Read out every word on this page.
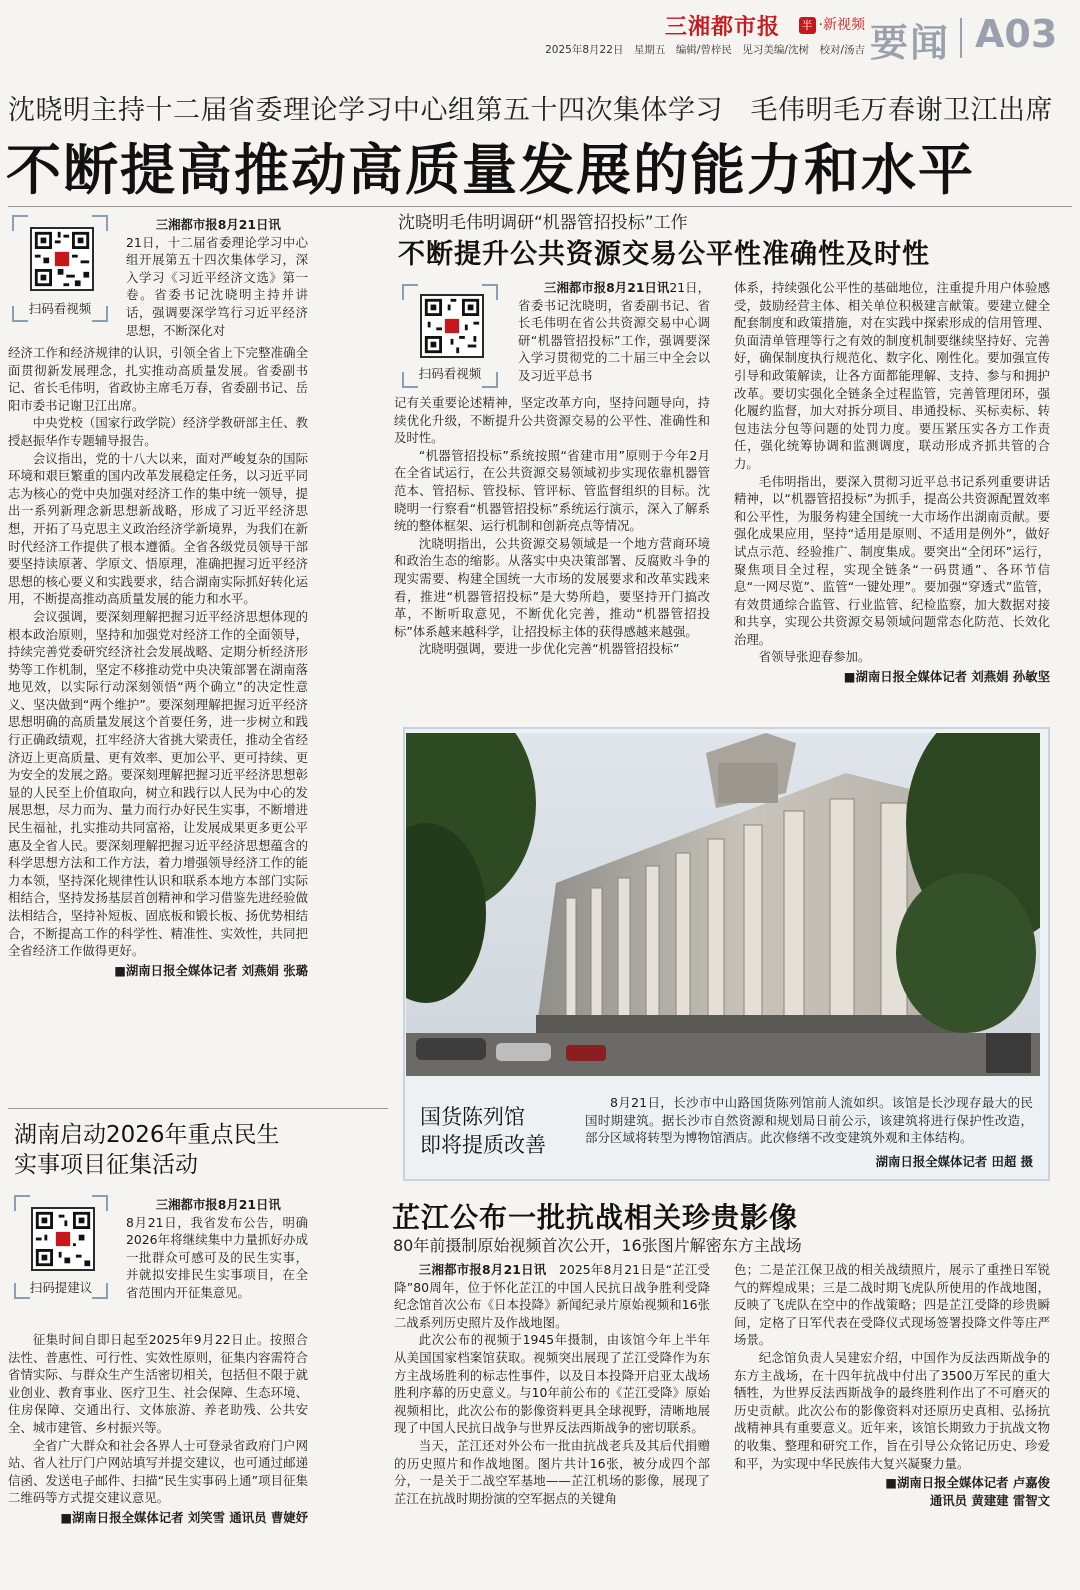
三湘都市报 半 ·新视频
2025年8月22日　星期五　编辑/曾梓民　见习美编/沈树　校对/汤吉 要闻 A03
沈晓明主持十二届省委理论学习中心组第五十四次集体学习　毛伟明毛万春谢卫江出席
不断提高推动高质量发展的能力和水平
扫码看视频

三湘都市报8月21日讯

21日，十二届省委理论学习中心组开展第五十四次集体学习，深入学习《习近平经济文选》第一卷。省委书记沈晓明主持并讲话，强调要深学笃行习近平经济思想，不断深化对

经济工作和经济规律的认识，引领全省上下完整准确全面贯彻新发展理念，扎实推动高质量发展。省委副书记、省长毛伟明，省政协主席毛万春，省委副书记、岳阳市委书记谢卫江出席。

中央党校（国家行政学院）经济学教研部主任、教授赵振华作专题辅导报告。

会议指出，党的十八大以来，面对严峻复杂的国际环境和艰巨繁重的国内改革发展稳定任务，以习近平同志为核心的党中央加强对经济工作的集中统一领导，提出一系列新理念新思想新战略，形成了习近平经济思想，开拓了马克思主义政治经济学新境界，为我们在新时代经济工作提供了根本遵循。全省各级党员领导干部要坚持读原著、学原文、悟原理，准确把握习近平经济思想的核心要义和实践要求，结合湖南实际抓好转化运用，不断提高推动高质量发展的能力和水平。

会议强调，要深刻理解把握习近平经济思想体现的根本政治原则，坚持和加强党对经济工作的全面领导，持续完善党委研究经济社会发展战略、定期分析经济形势等工作机制，坚定不移推动党中央决策部署在湖南落地见效，以实际行动深刻领悟“两个确立”的决定性意义、坚决做到“两个维护”。要深刻理解把握习近平经济思想明确的高质量发展这个首要任务，进一步树立和践行正确政绩观，扛牢经济大省挑大梁责任，推动全省经济迈上更高质量、更有效率、更加公平、更可持续、更为安全的发展之路。要深刻理解把握习近平经济思想彰显的人民至上价值取向，树立和践行以人民为中心的发展思想，尽力而为、量力而行办好民生实事，不断增进民生福祉，扎实推动共同富裕，让发展成果更多更公平惠及全省人民。要深刻理解把握习近平经济思想蕴含的科学思想方法和工作方法，着力增强领导经济工作的能力本领，坚持深化规律性认识和联系本地方本部门实际相结合，坚持发扬基层首创精神和学习借鉴先进经验做法相结合，坚持补短板、固底板和锻长板、扬优势相结合，不断提高工作的科学性、精准性、实效性，共同把全省经济工作做得更好。

■湖南日报全媒体记者 刘燕娟 张璐
沈晓明毛伟明调研“机器管招投标”工作
不断提升公共资源交易公平性准确性及时性
扫码看视频

三湘都市报8月21日讯21日，省委书记沈晓明，省委副书记、省长毛伟明在省公共资源交易中心调研“机器管招投标”工作，强调要深入学习贯彻党的二十届三中全会以及习近平总书

记有关重要论述精神，坚定改革方向，坚持问题导向，持续优化升级，不断提升公共资源交易的公平性、准确性和及时性。

“机器管招投标”系统按照“省建市用”原则于今年2月在全省试运行，在公共资源交易领域初步实现依靠机器管范本、管招标、管投标、管评标、管监督组织的目标。沈晓明一行察看“机器管招投标”系统运行演示，深入了解系统的整体框架、运行机制和创新亮点等情况。

沈晓明指出，公共资源交易领域是一个地方营商环境和政治生态的缩影。从落实中央决策部署、反腐败斗争的现实需要、构建全国统一大市场的发展要求和改革实践来看，推进“机器管招投标”是大势所趋，要坚持开门搞改革，不断听取意见，不断优化完善，推动“机器管招投标”体系越来越科学，让招投标主体的获得感越来越强。

沈晓明强调，要进一步优化完善“机器管招投标”

体系，持续强化公平性的基础地位，注重提升用户体验感受，鼓励经营主体、相关单位积极建言献策。要建立健全配套制度和政策措施，对在实践中探索形成的信用管理、负面清单管理等行之有效的制度机制要继续坚持好、完善好，确保制度执行规范化、数字化、刚性化。要加强宣传引导和政策解读，让各方面都能理解、支持、参与和拥护改革。要切实强化全链条全过程监管，完善管理闭环，强化履约监督，加大对拆分项目、串通投标、买标卖标、转包违法分包等问题的处罚力度。要压紧压实各方工作责任，强化统筹协调和监测调度，联动形成齐抓共管的合力。

毛伟明指出，要深入贯彻习近平总书记系列重要讲话精神，以“机器管招投标”为抓手，提高公共资源配置效率和公平性，为服务构建全国统一大市场作出湖南贡献。要强化成果应用，坚持“适用是原则、不适用是例外”，做好试点示范、经验推广、制度集成。要突出“全闭环”运行，聚焦项目全过程，实现全链条“一码贯通”、各环节信息“一网尽览”、监管“一键处理”。要加强“穿透式”监管，有效贯通综合监管、行业监管、纪检监察，加大数据对接和共享，实现公共资源交易领域问题常态化防范、长效化治理。

省领导张迎春参加。

■湖南日报全媒体记者 刘燕娟 孙敏坚
国货陈列馆
即将提质改善
8月21日，长沙市中山路国货陈列馆前人流如织。该馆是长沙现存最大的民国时期建筑。据长沙市自然资源和规划局日前公示，该建筑将进行保护性改造，部分区域将转型为博物馆酒店。此次修缮不改变建筑外观和主体结构。
湖南日报全媒体记者 田超 摄
湖南启动2026年重点民生
实事项目征集活动
扫码提建议

三湘都市报8月21日讯

8月21日，我省发布公告，明确2026年将继续集中力量抓好办成一批群众可感可及的民生实事，并就拟安排民生实事项目，在全省范围内开征集意见。

征集时间自即日起至2025年9月22日止。按照合法性、普惠性、可行性、实效性原则，征集内容需符合省情实际、与群众生产生活密切相关，包括但不限于就业创业、教育事业、医疗卫生、社会保障、生态环境、住房保障、交通出行、文体旅游、养老助残、公共安全、城市建管、乡村振兴等。

全省广大群众和社会各界人士可登录省政府门户网站、省人社厅门户网站填写并提交建议，也可通过邮递信函、发送电子邮件、扫描“民生实事码上通”项目征集二维码等方式提交建议意见。

■湖南日报全媒体记者 刘笑雪 通讯员 曹婕妤
芷江公布一批抗战相关珍贵影像
80年前摄制原始视频首次公开，16张图片解密东方主战场

三湘都市报8月21日讯　 2025年8月21日是“芷江受降”80周年，位于怀化芷江的中国人民抗日战争胜利受降纪念馆首次公布《日本投降》新闻纪录片原始视频和16张二战系列历史照片及作战地图。

此次公布的视频于1945年摄制，由该馆今年上半年从美国国家档案馆获取。视频突出展现了芷江受降作为东方主战场胜利的标志性事件，以及日本投降开启亚太战场胜利序幕的历史意义。与10年前公布的《芷江受降》原始视频相比，此次公布的影像资料更具全球视野，清晰地展现了中国人民抗日战争与世界反法西斯战争的密切联系。

当天，芷江还对外公布一批由抗战老兵及其后代捐赠的历史照片和作战地图。图片共计16张，被分成四个部分，一是关于二战空军基地——芷江机场的影像，展现了芷江在抗战时期扮演的空军据点的关键角

色；二是芷江保卫战的相关战绩照片，展示了重挫日军锐气的辉煌成果；三是二战时期飞虎队所使用的作战地图，反映了飞虎队在空中的作战策略；四是芷江受降的珍贵瞬间，定格了日军代表在受降仪式现场签署投降文件等庄严场景。

纪念馆负责人吴建宏介绍，中国作为反法西斯战争的东方主战场，在十四年抗战中付出了3500万军民的重大牺牲，为世界反法西斯战争的最终胜利作出了不可磨灭的历史贡献。此次公布的影像资料对还原历史真相、弘扬抗战精神具有重要意义。近年来，该馆长期致力于抗战文物的收集、整理和研究工作，旨在引导公众铭记历史、珍爱和平，为实现中华民族伟大复兴凝聚力量。

■湖南日报全媒体记者 卢嘉俊
通讯员 黄建建 雷智文
